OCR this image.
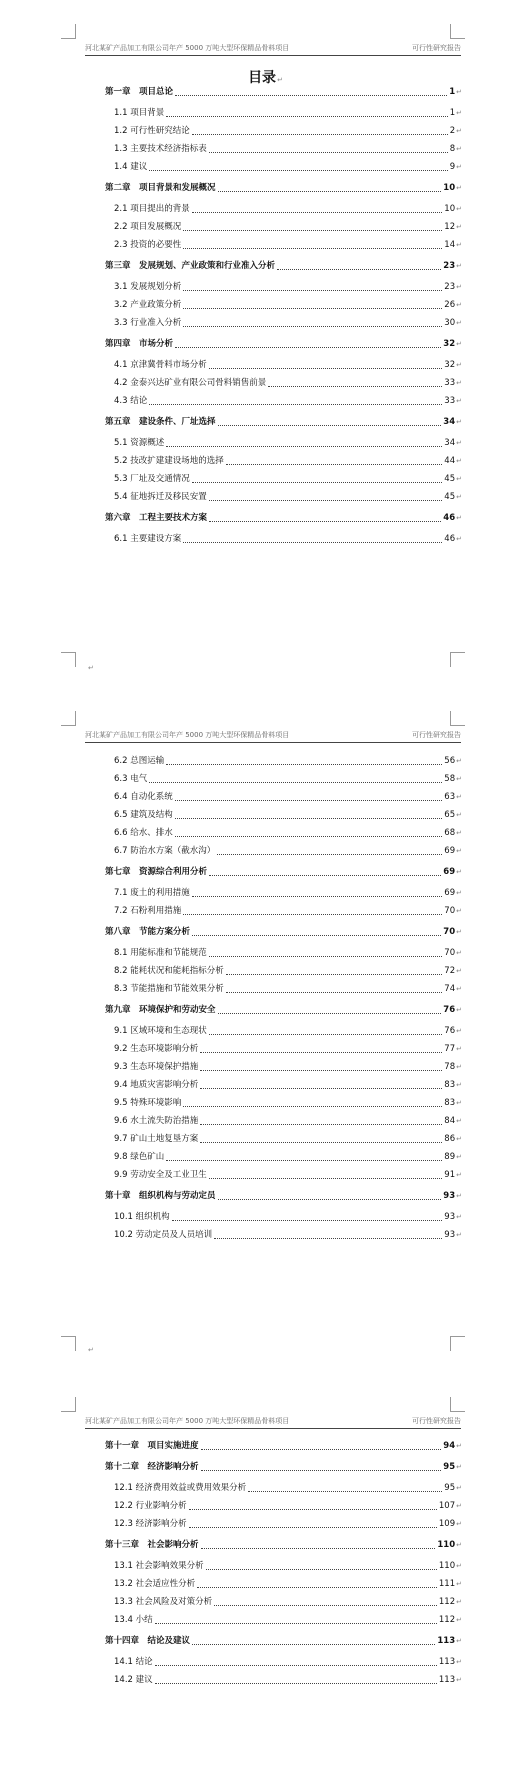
河北某矿产品加工有限公司年产 5000 万吨大型环保精品骨料项目	可行性研究报告
目录↵
第一章　项目总论	1 ↵
1.1 项目背景	1 ↵
1.2 可行性研究结论	2 ↵
1.3 主要技术经济指标表	8 ↵
1.4 建议	9 ↵
第二章　项目背景和发展概况	10 ↵
2.1 项目提出的背景	10 ↵
2.2 项目发展概况	12 ↵
2.3 投资的必要性	14 ↵
第三章　发展规划、产业政策和行业准入分析	23 ↵
3.1 发展规划分析	23 ↵
3.2 产业政策分析	26 ↵
3.3 行业准入分析	30 ↵
第四章　市场分析	32 ↵
4.1 京津冀骨料市场分析	32 ↵
4.2 金泰兴达矿业有限公司骨料销售前景	33 ↵
4.3 结论	33 ↵
第五章　建设条件、厂址选择	34 ↵
5.1 资源概述	34 ↵
5.2 技改扩建建设场地的选择	44 ↵
5.3 厂址及交通情况	45 ↵
5.4 征地拆迁及移民安置	45 ↵
第六章　工程主要技术方案	46 ↵
6.1 主要建设方案	46 ↵
↵
河北某矿产品加工有限公司年产 5000 万吨大型环保精品骨料项目	可行性研究报告
6.2 总图运输	56 ↵
6.3 电气	58 ↵
6.4 自动化系统	63 ↵
6.5 建筑及结构	65 ↵
6.6 给水、排水	68 ↵
6.7 防治水方案（截水沟）	69 ↵
第七章　资源综合利用分析	69 ↵
7.1 废土的利用措施	69 ↵
7.2 石粉利用措施	70 ↵
第八章　节能方案分析	70 ↵
8.1 用能标准和节能规范	70 ↵
8.2 能耗状况和能耗指标分析	72 ↵
8.3 节能措施和节能效果分析	74 ↵
第九章　环境保护和劳动安全	76 ↵
9.1 区域环境和生态现状	76 ↵
9.2 生态环境影响分析	77 ↵
9.3 生态环境保护措施	78 ↵
9.4 地质灾害影响分析	83 ↵
9.5 特殊环境影响	83 ↵
9.6 水土流失防治措施	84 ↵
9.7 矿山土地复垦方案	86 ↵
9.8 绿色矿山	89 ↵
9.9 劳动安全及工业卫生	91 ↵
第十章　组织机构与劳动定员	93 ↵
10.1 组织机构	93 ↵
10.2 劳动定员及人员培训	93 ↵
↵
河北某矿产品加工有限公司年产 5000 万吨大型环保精品骨料项目	可行性研究报告
第十一章　项目实施进度	94 ↵
第十二章　经济影响分析	95 ↵
12.1 经济费用效益或费用效果分析	95 ↵
12.2 行业影响分析	107 ↵
12.3 经济影响分析	109 ↵
第十三章　社会影响分析	110 ↵
13.1 社会影响效果分析	110 ↵
13.2 社会适应性分析	111 ↵
13.3 社会风险及对策分析	112 ↵
13.4 小结	112 ↵
第十四章　结论及建议	113 ↵
14.1 结论	113 ↵
14.2 建议	113 ↵
